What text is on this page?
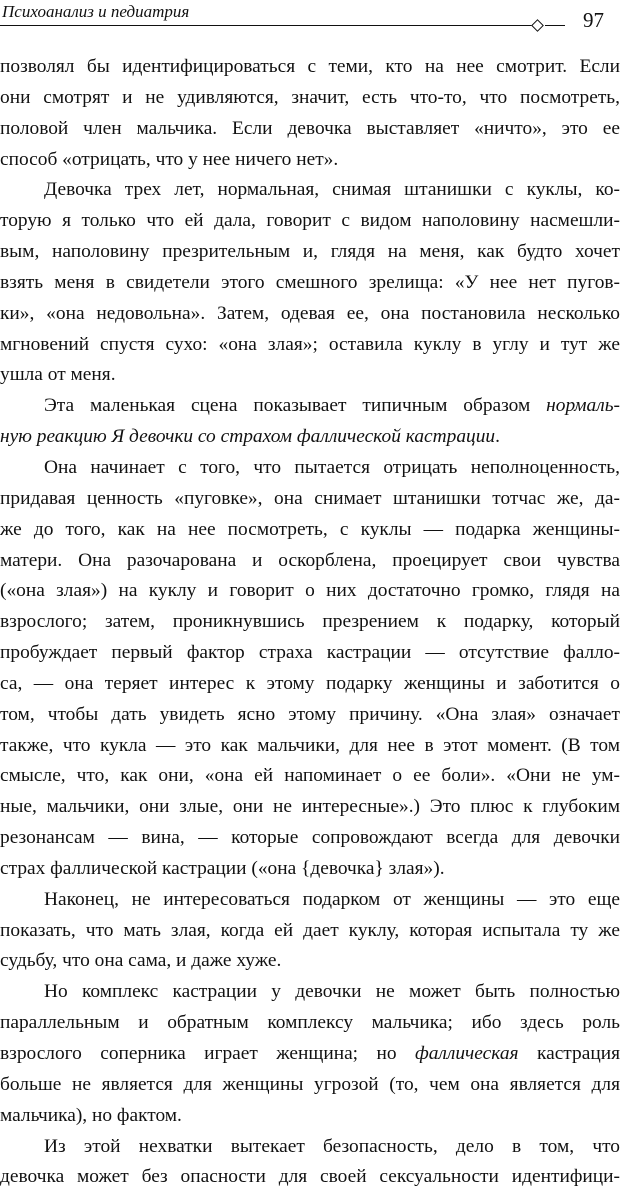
Психоанализ и педиатрия	97
позволял бы идентифицироваться с теми, кто на нее смотрит. Если
они смотрят и не удивляются, значит, есть что-то, что посмотреть,
половой член мальчика. Если девочка выставляет «ничто», это ее
способ «отрицать, что у нее ничего нет».
Девочка трех лет, нормальная, снимая штанишки с куклы, ко-
торую я только что ей дала, говорит с видом наполовину насмешли-
вым, наполовину презрительным и, глядя на меня, как будто хочет
взять меня в свидетели этого смешного зрелища: «У нее нет пугов-
ки», «она недовольна». Затем, одевая ее, она постановила несколько
мгновений спустя сухо: «она злая»; оставила куклу в углу и тут же
ушла от меня.
Эта маленькая сцена показывает типичным образом нормаль-
ную реакцию Я девочки со страхом фаллической кастрации.
Она начинает с того, что пытается отрицать неполноценность,
придавая ценность «пуговке», она снимает штанишки тотчас же, да-
же до того, как на нее посмотреть, с куклы — подарка женщины-
матери. Она разочарована и оскорблена, проецирует свои чувства
(«она злая») на куклу и говорит о них достаточно громко, глядя на
взрослого; затем, проникнувшись презрением к подарку, который
пробуждает первый фактор страха кастрации — отсутствие фалло-
са, — она теряет интерес к этому подарку женщины и заботится о
том, чтобы дать увидеть ясно этому причину. «Она злая» означает
также, что кукла — это как мальчики, для нее в этот момент. (В том
смысле, что, как они, «она ей напоминает о ее боли». «Они не ум-
ные, мальчики, они злые, они не интересные».) Это плюс к глубоким
резонансам — вина, — которые сопровождают всегда для девочки
страх фаллической кастрации («она {девочка} злая»).
Наконец, не интересоваться подарком от женщины — это еще
показать, что мать злая, когда ей дает куклу, которая испытала ту же
судьбу, что она сама, и даже хуже.
Но комплекс кастрации у девочки не может быть полностью
параллельным и обратным комплексу мальчика; ибо здесь роль
взрослого соперника играет женщина; но фаллическая кастрация
больше не является для женщины угрозой (то, чем она является для
мальчика), но фактом.
Из этой нехватки вытекает безопасность, дело в том, что
девочка может без опасности для своей сексуальности идентифици-
